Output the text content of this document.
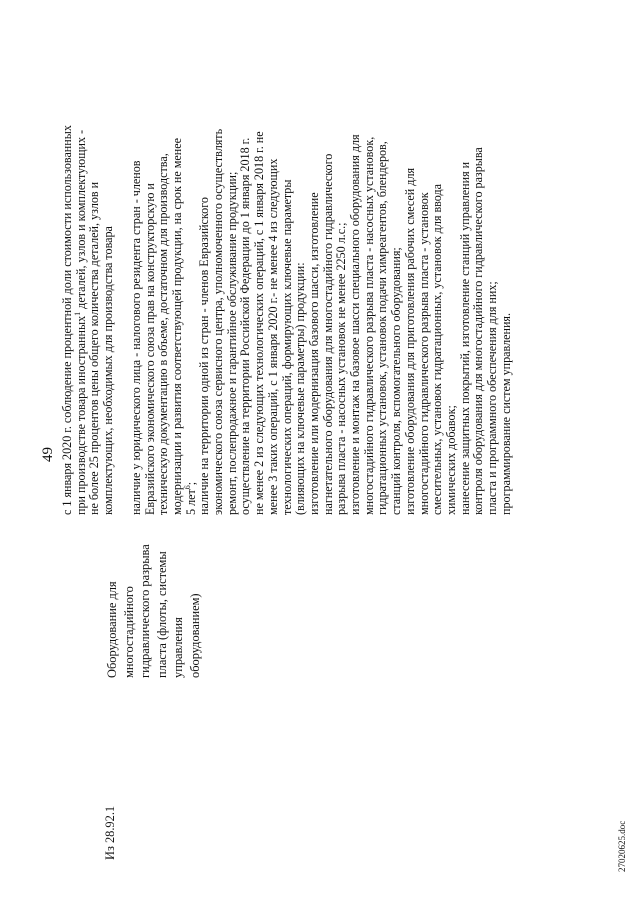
49
Из 28.92.1
Оборудование для многостадийного гидравлического разрыва пласта (флоты, системы управления оборудованием)
с 1 января 2020 г. соблюдение процентной доли стоимости использованных при производстве товара иностранных$^1$ деталей, узлов и комплектующих - не более 25 процентов цены общего количества деталей, узлов и комплектующих, необходимых для производства товара наличие у юридического лица - налогового резидента стран - членов Евразийского экономического союза прав на конструкторскую и техническую документацию в объеме, достаточном для производства, модернизации и развития соответствующей продукции, на срок не менее 5 лет$^6$; наличие на территории одной из стран - членов Евразийского экономического союза сервисного центра, уполномоченного осуществлять ремонт, послепродажное и гарантийное обслуживание продукции; осуществление на территории Российской Федерации до 1 января 2018 г. не менее 2 из следующих технологических операций, с 1 января 2018 г. не менее 3 таких операций, с 1 января 2020 г.- не менее 4 из следующих технологических операций, формирующих ключевые параметры (влияющих на ключевые параметры) продукции: изготовление или модернизация базового шасси, изготовление нагнетательного оборудования для многостадийного гидравлического разрыва пласта - насосных установок не менее 2250 л.с.; изготовление и монтаж на базовое шасси специального оборудования для многостадийного гидравлического разрыва пласта - насосных установок, гидратационных установок, установок подачи химреагентов, блендеров, станций контроля, вспомогательного оборудования; изготовление оборудования для приготовления рабочих смесей для многостадийного гидравлического разрыва пласта - установок смесительных, установок гидратационных, установок для ввода химических добавок; нанесение защитных покрытий, изготовление станций управления и контроля оборудования для многостадийного гидравлического разрыва пласта и программного обеспечения для них; программирование систем управления.
27020625.doc
